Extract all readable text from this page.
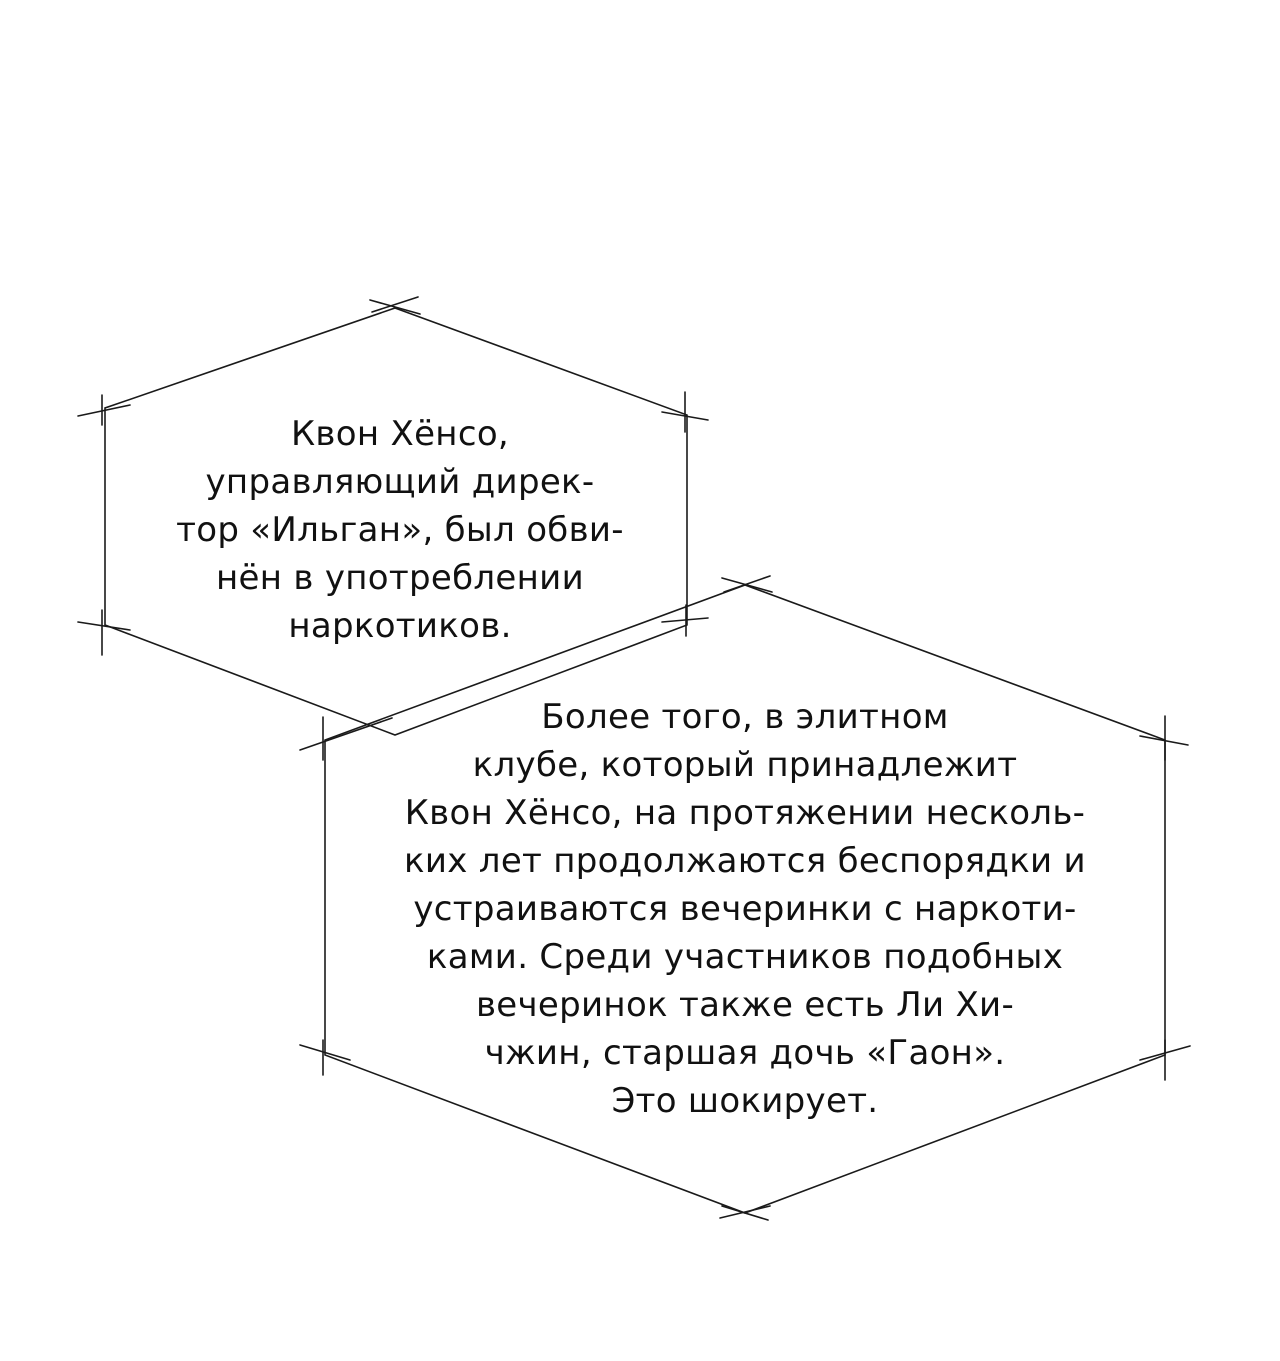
Квон Хёнсо,
управляющий дирек-
тор «Ильган», был обви-
нён в употреблении
наркотиков.
Более того, в элитном
клубе, который принадлежит
Квон Хёнсо, на протяжении несколь-
ких лет продолжаются беспорядки и
устраиваются вечеринки с наркоти-
ками. Среди участников подобных
вечеринок также есть Ли Хи-
чжин, старшая дочь «Гаон».
Это шокирует.
